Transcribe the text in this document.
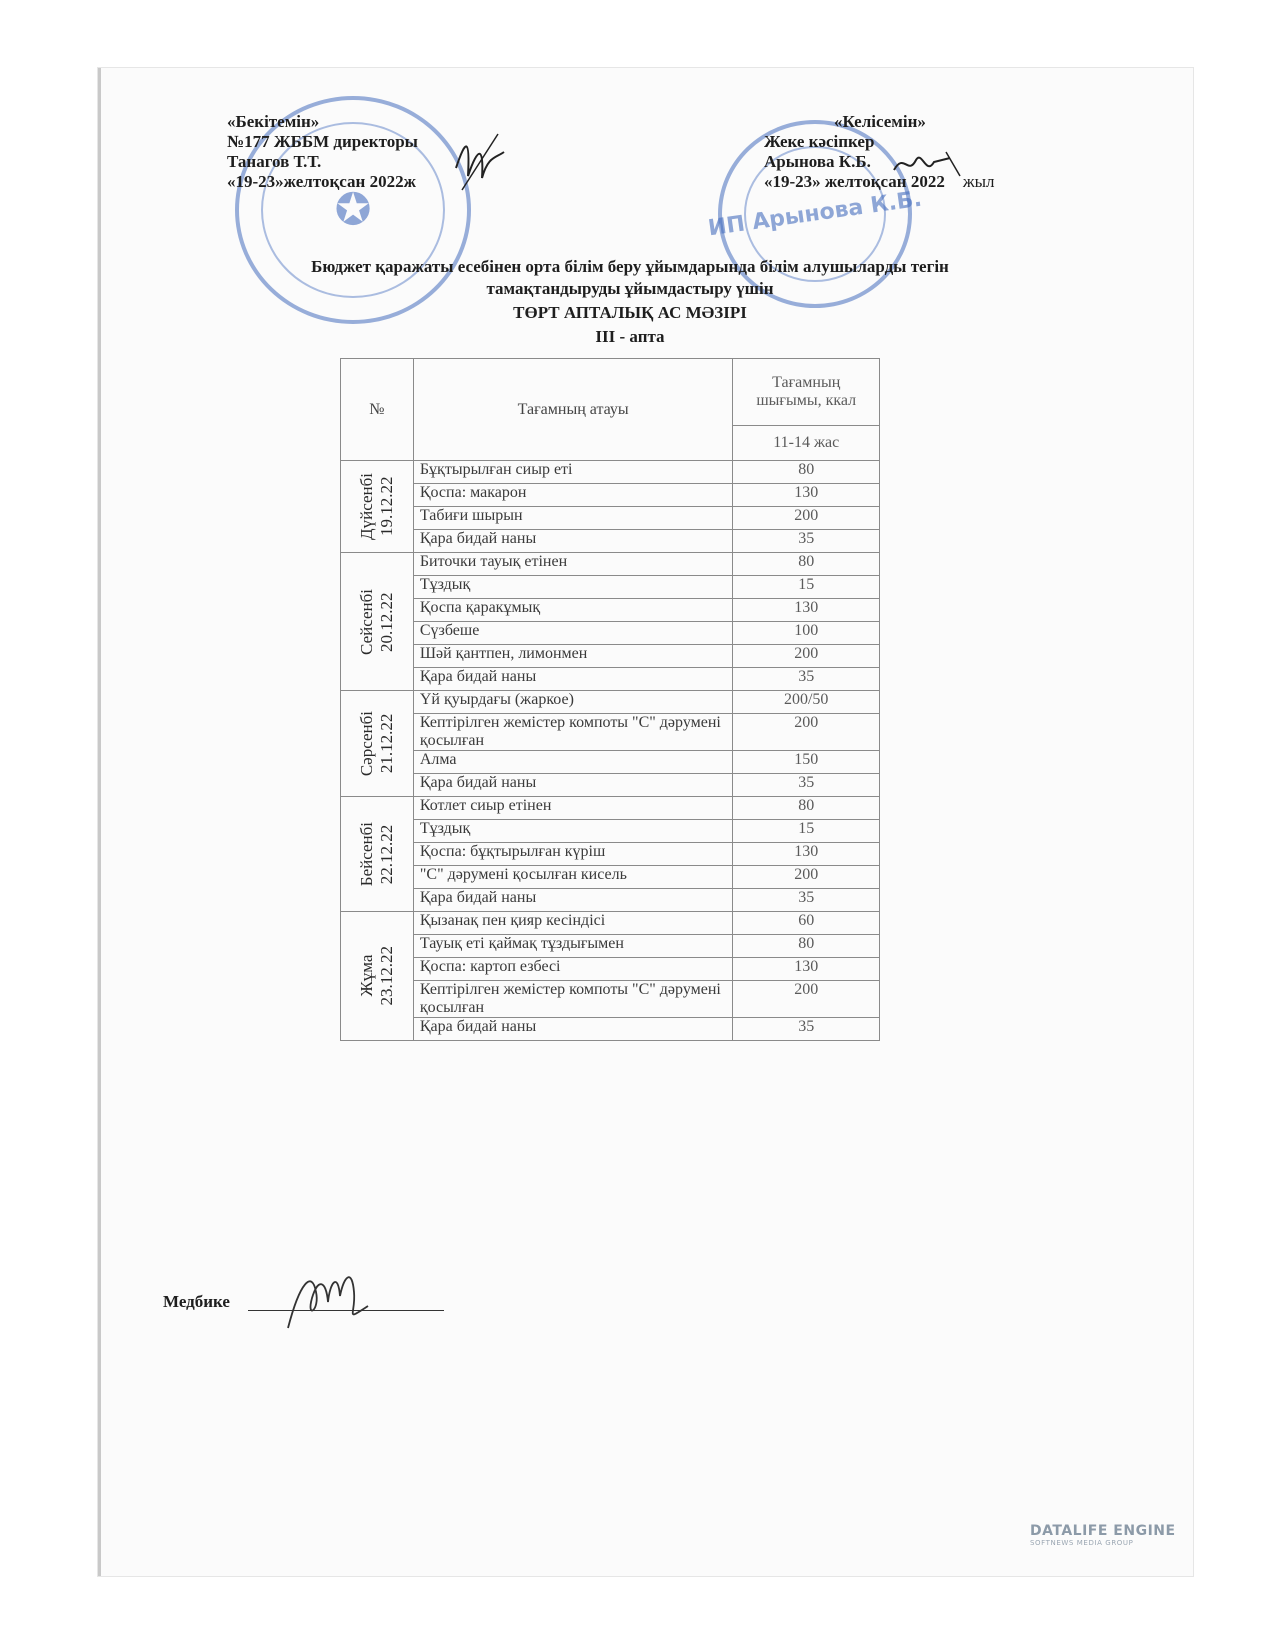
✪	ИП Арынова К.Б.
«Бекітемін»
№177 ЖББМ директоры
Танагов Т.Т.
«19-23»желтоқсан 2022ж
«Келісемін»
Жеке кәсіпкер
Арынова К.Б.
«19-23» желтоқсан 2022 жыл
Бюджет қаражаты есебінен орта білім беру ұйымдарында білім алушыларды тегін
тамақтандыруды ұйымдастыру үшін
ТӨРТ АПТАЛЫҚ АС МӘЗІРІ
III - апта
№	Тағамның атауы	Тағамның шығымы, ккал
		11-14 жас

Дүйсенбі 19.12.22	Бұқтырылған сиыр еті	80
	Қоспа: макарон	130
	Табиғи шырын	200
	Қара бидай наны	35

Сейсенбі 20.12.22	Биточки тауық етінен	80
	Тұздық	15
	Қоспа қаракұмық	130
	Сүзбеше	100
	Шәй қантпен, лимонмен	200
	Қара бидай наны	35

Сәрсенбі 21.12.22	Үй қуырдағы (жаркое)	200/50
	Кептірілген жемістер компоты "С" дәрумені қосылған	200
	Алма	150
	Қара бидай наны	35

Бейсенбі 22.12.22	Котлет сиыр етінен	80
	Тұздық	15
	Қоспа: бұқтырылған күріш	130
	"С" дәрумені қосылған кисель	200
	Қара бидай наны	35

Жұма 23.12.22	Қызанақ пен қияр кесіндісі	60
	Тауық еті қаймақ тұздығымен	80
	Қоспа: картоп езбесі	130
	Кептірілген жемістер компоты "С" дәрумені қосылған	200
	Қара бидай наны	35
Медбике
DATALIFE ENGINE
SOFTNEWS MEDIA GROUP
